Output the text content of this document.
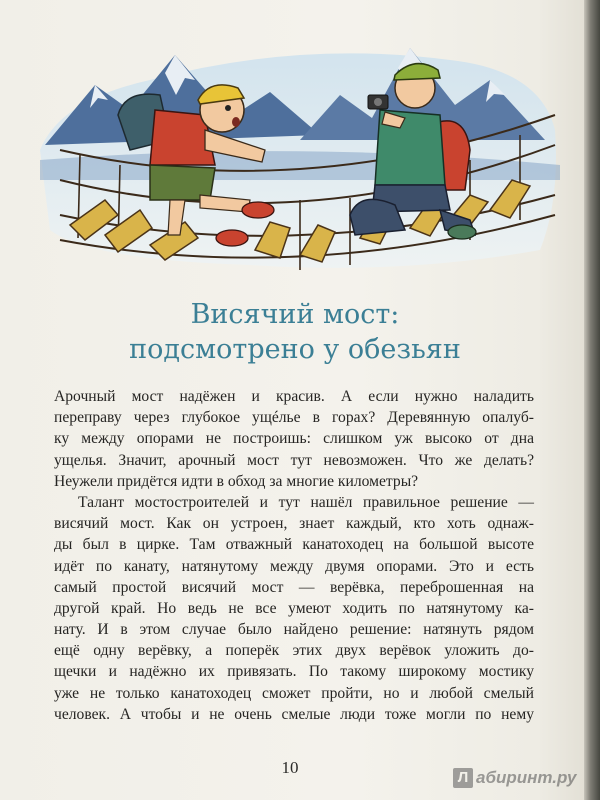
Висячий мост:
подсмотрено у обезьян
Арочный мост надёжен и красив. А если нужно наладить
переправу через глубокое ущéлье в горах? Деревянную опалуб-
ку между опорами не построишь: слишком уж высоко от дна
ущелья. Значит, арочный мост тут невозможен. Что же делать?
Неужели придётся идти в обход за многие километры?
Талант мостостроителей и тут нашёл правильное решение —
висячий мост. Как он устроен, знает каждый, кто хоть однаж-
ды был в цирке. Там отважный канатоходец на большой высоте
идёт по канату, натянутому между двумя опорами. Это и есть
самый простой висячий мост — верёвка, переброшенная на
другой край. Но ведь не все умеют ходить по натянутому ка-
нату. И в этом случае было найдено решение: натянуть рядом
ещё одну верёвку, а поперёк этих двух верёвок уложить до-
щечки и надёжно их привязать. По такому широкому мостику
уже не только канатоходец сможет пройти, но и любой смелый
человек. А чтобы и не очень смелые люди тоже могли по нему
10
Л абиринт.ру
